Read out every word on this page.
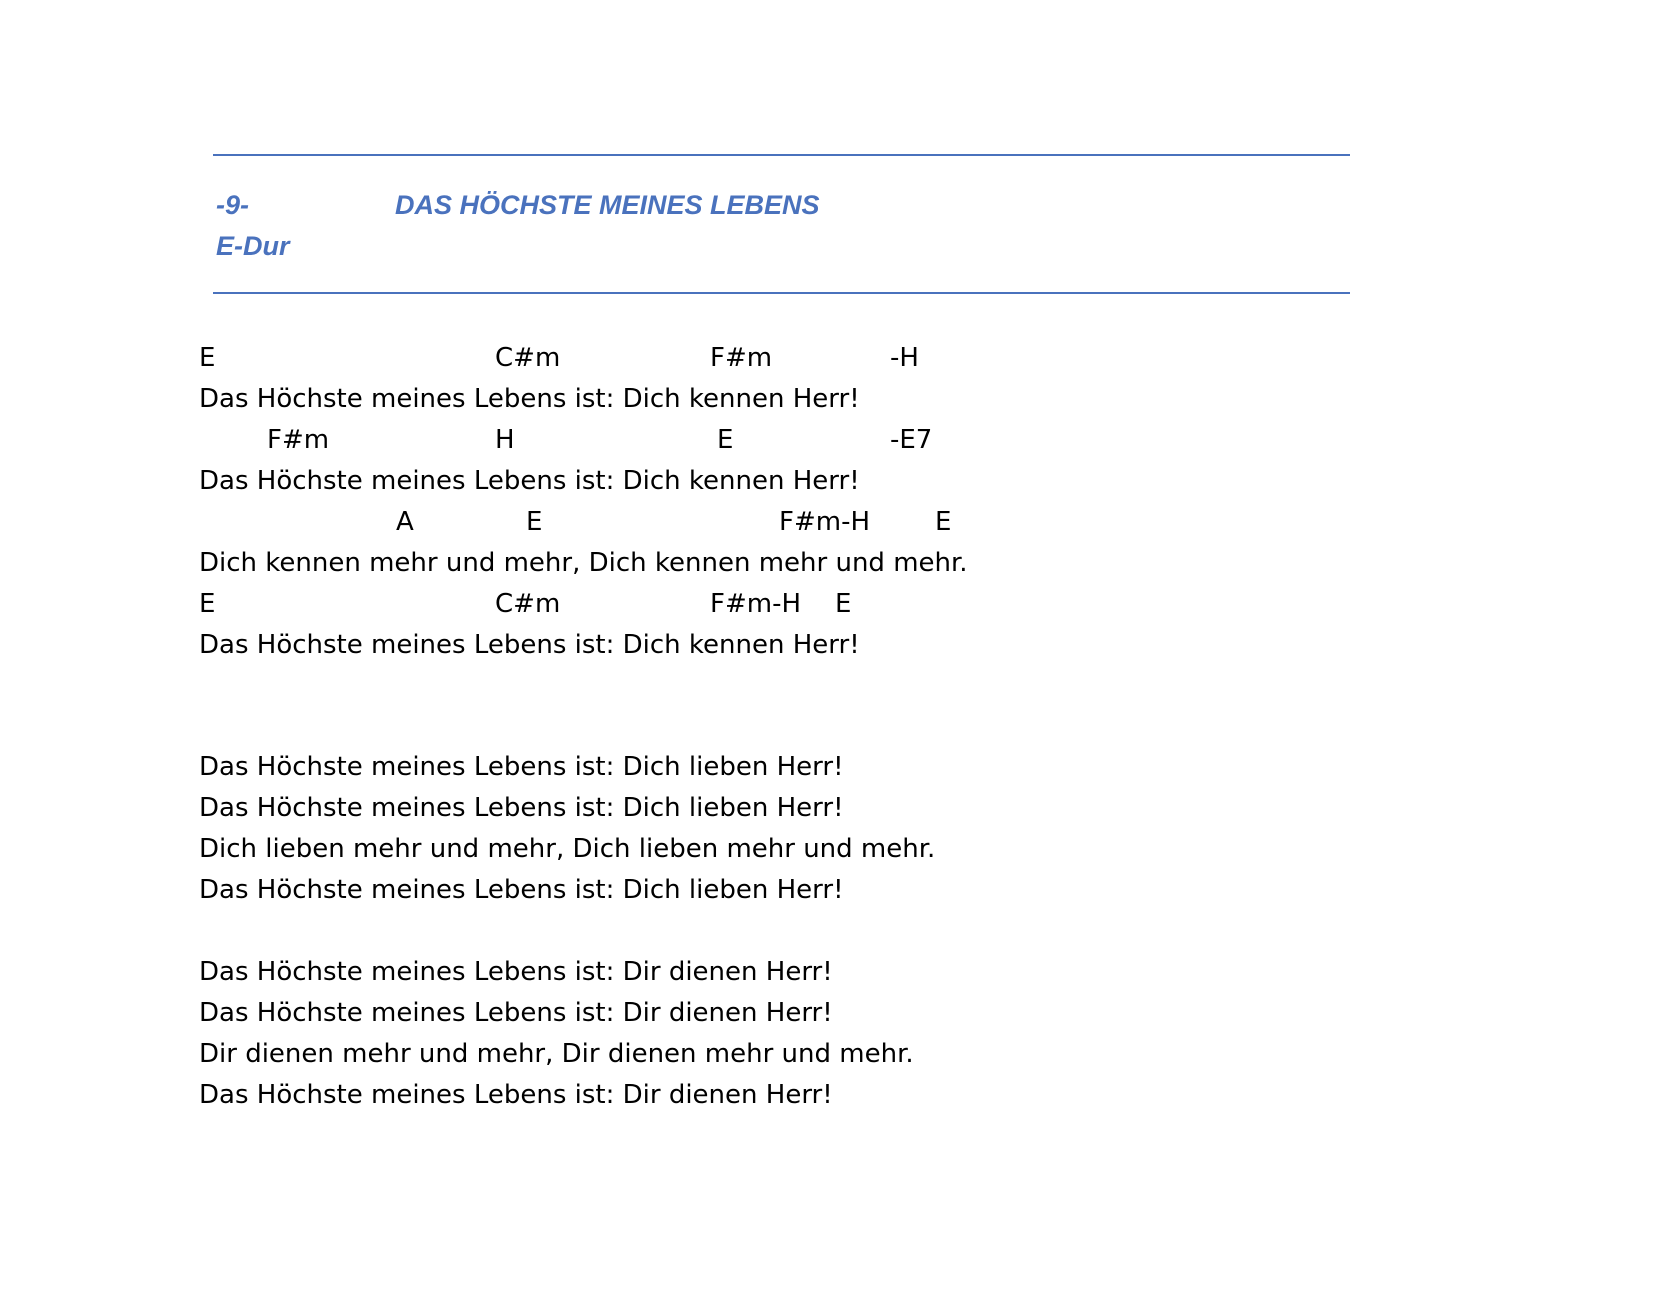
-9-	DAS HÖCHSTE MEINES LEBENS
E-Dur
E	C#m	F#m	-H
Das Höchste meines Lebens ist: Dich kennen Herr!
F#m	H	E	-E7
Das Höchste meines Lebens ist: Dich kennen Herr!
A	E	F#m-H	E
Dich kennen mehr und mehr, Dich kennen mehr und mehr.
E	C#m	F#m-H E
Das Höchste meines Lebens ist: Dich kennen Herr!
Das Höchste meines Lebens ist: Dich lieben Herr!
Das Höchste meines Lebens ist: Dich lieben Herr!
Dich lieben mehr und mehr, Dich lieben mehr und mehr.
Das Höchste meines Lebens ist: Dich lieben Herr!
Das Höchste meines Lebens ist: Dir dienen Herr!
Das Höchste meines Lebens ist: Dir dienen Herr!
Dir dienen mehr und mehr, Dir dienen mehr und mehr.
Das Höchste meines Lebens ist: Dir dienen Herr!
